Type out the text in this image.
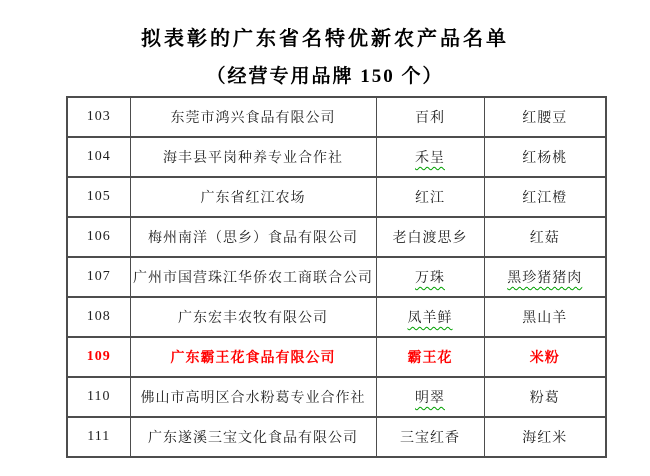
拟表彰的广东省名特优新农产品名单
（经营专用品牌 150 个）
103	东莞市鸿兴食品有限公司	百利	红腰豆
104	海丰县平岗种养专业合作社	禾呈	红杨桃
105	广东省红江农场	红江	红江橙
106	梅州南洋（思乡）食品有限公司	老白渡思乡	红菇
107	广州市国营珠江华侨农工商联合公司	万珠	黑珍猪猪肉
108	广东宏丰农牧有限公司	凤羊鲜	黑山羊
109	广东霸王花食品有限公司	霸王花	米粉
110	佛山市高明区合水粉葛专业合作社	明翠	粉葛
111	广东遂溪三宝文化食品有限公司	三宝红香	海红米
